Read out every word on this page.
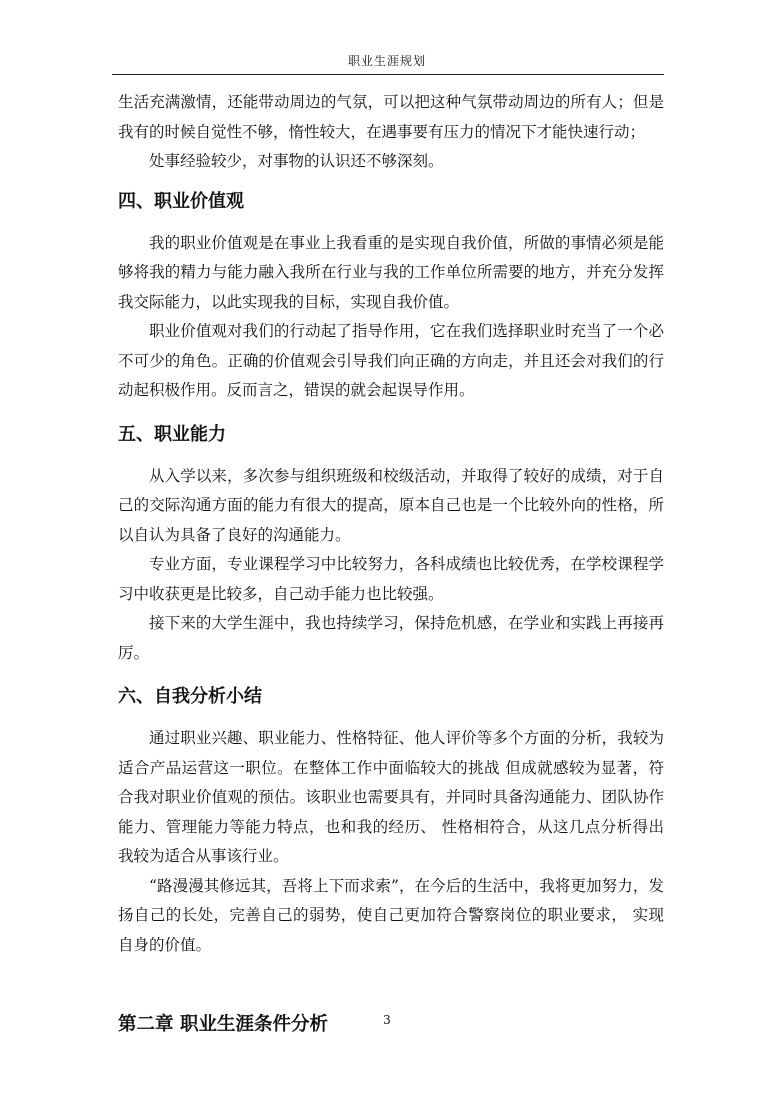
职业生涯规划

生活充满激情，还能带动周边的气氛，可以把这种气氛带动周边的所有人；但是我有的时候自觉性不够，惰性较大，在遇事要有压力的情况下才能快速行动；

处事经验较少，对事物的认识还不够深刻。

四、职业价值观

我的职业价值观是在事业上我看重的是实现自我价值，所做的事情必须是能够将我的精力与能力融入我所在行业与我的工作单位所需要的地方，并充分发挥我交际能力，以此实现我的目标，实现自我价值。

职业价值观对我们的行动起了指导作用，它在我们选择职业时充当了一个必不可少的角色。正确的价值观会引导我们向正确的方向走，并且还会对我们的行动起积极作用。反而言之，错误的就会起误导作用。

五、职业能力

从入学以来，多次参与组织班级和校级活动，并取得了较好的成绩，对于自己的交际沟通方面的能力有很大的提高，原本自己也是一个比较外向的性格，所以自认为具备了良好的沟通能力。

专业方面，专业课程学习中比较努力，各科成绩也比较优秀，在学校课程学习中收获更是比较多，自己动手能力也比较强。

接下来的大学生涯中，我也持续学习，保持危机感，在学业和实践上再接再厉。

六、自我分析小结

通过职业兴趣、职业能力、性格特征、他人评价等多个方面的分析，我较为适合产品运营这一职位。在整体工作中面临较大的挑战 但成就感较为显著，符合我对职业价值观的预估。该职业也需要具有，并同时具备沟通能力、团队协作能力、管理能力等能力特点，也和我的经历、 性格相符合，从这几点分析得出我较为适合从事该行业。

“路漫漫其修远其，吾将上下而求索”，在今后的生活中，我将更加努力，发扬自己的长处，完善自己的弱势，使自己更加符合警察岗位的职业要求， 实现自身的价值。

第二章 职业生涯条件分析	3
